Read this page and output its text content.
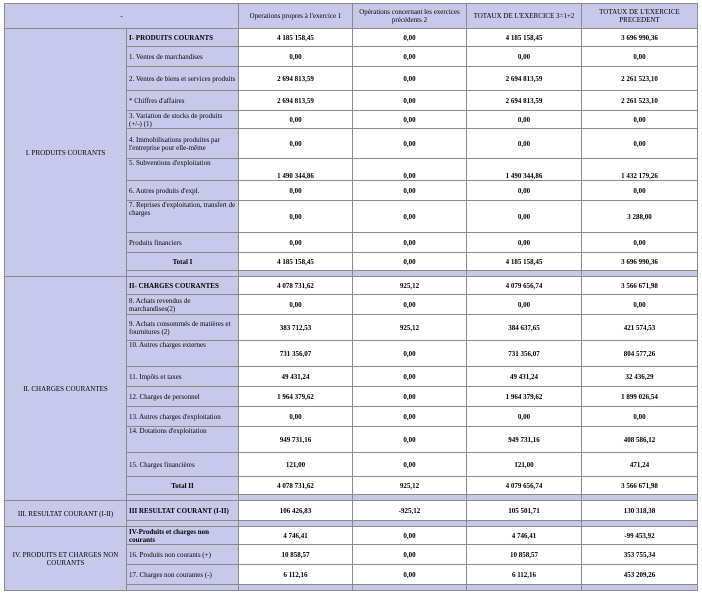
-		Operations propres à l'exercice 1	Opérations concernant les exercices précédents 2	TOTAUX DE L'EXERCICE 3=1+2	TOTAUX DE L'EXERCICE PRECEDENT
I. PRODUITS COURANTS	I- PRODUITS COURANTS	4 185 158,45	0,00	4 185 158,45	3 696 990,36
	1. Ventes de marchandises	0,00	0,00	0,00	0,00
	2. Ventes de biens et services produits	2 694 813,59	0,00	2 694 813,59	2 261 523,10
	* Chiffres d'affaires	2 694 813,59	0,00	2 694 813,59	2 261 523,10
	3. Variation de stocks de produits (+/-) (1)	0,00	0,00	0,00	0,00
	4. Immobilisations produites par l'entreprise pour elle-même	0,00	0,00	0,00	0,00
	5. Subventions d'exploitation	1 490 344,86	0,00	1 490 344,86	1 432 179,26
	6. Autres produits d'expl.	0,00	0,00	0,00	0,00
	7. Reprises d'exploitation, transfert de charges	0,00	0,00	0,00	3 288,00
	Produits financiers	0,00	0,00	0,00	0,00
	Total I	4 185 158,45	0,00	4 185 158,45	3 696 990,36

II. CHARGES COURANTES	II- CHARGES COURANTES	4 078 731,62	925,12	4 079 656,74	3 566 671,98
	8. Achats revendus de marchandises(2)	0,00	0,00	0,00	0,00
	9. Achats consommés de matières et fournitures (2)	383 712,53	925,12	384 637,65	421 574,53
	10. Autres charges externes	731 356,07	0,00	731 356,07	804 577,26
	11. Impôts et taxes	49 431,24	0,00	49 431,24	32 436,29
	12. Charges de personnel	1 964 379,62	0,00	1 964 379,62	1 899 026,54
	13. Autres charges d'exploitation	0,00	0,00	0,00	0,00
	14. Dotations d'exploitation	949 731,16	0,00	949 731,16	408 586,12
	15. Charges financières	121,00	0,00	121,00	471,24
	Total II	4 078 731,62	925,12	4 079 656,74	3 566 671,98

III. RESULTAT COURANT (I-II)	III RESULTAT COURANT (I-II)	106 426,83	-925,12	105 501,71	130 318,38

IV. PRODUITS ET CHARGES NON COURANTS	IV-Produits et charges non courants	4 746,41	0,00	4 746,41	-99 453,92
	16. Produits non courants (+)	10 858,57	0,00	10 858,57	353 755,34
	17. Charges non courantes (-)	6 112,16	0,00	6 112,16	453 209,26
